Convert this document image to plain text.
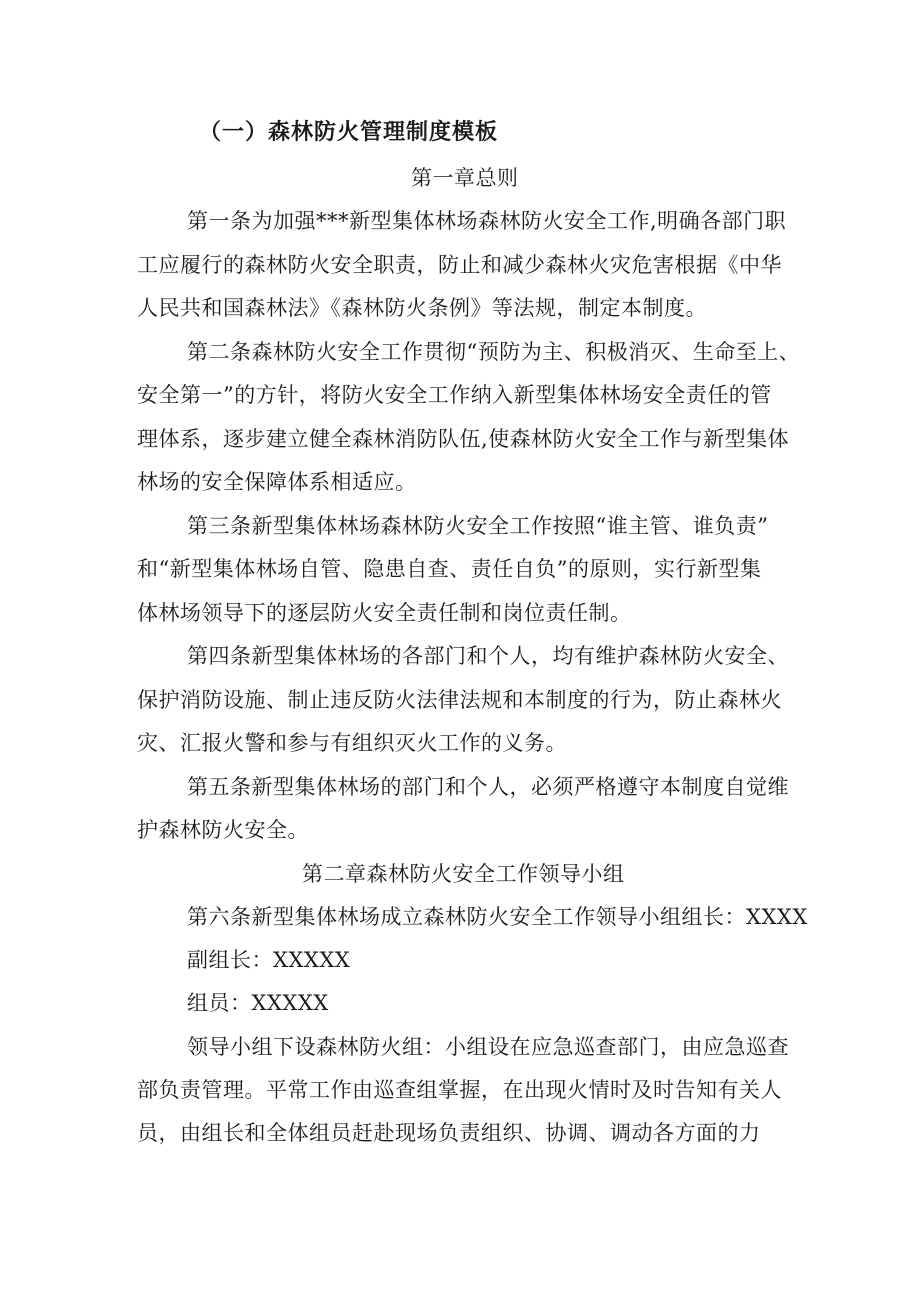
（一）森林防火管理制度模板
第一章总则
第一条为加强***新型集体林场森林防火安全工作,明确各部门职
工应履行的森林防火安全职责，防止和减少森林火灾危害根据《中华
人民共和国森林法》《森林防火条例》等法规，制定本制度。
第二条森林防火安全工作贯彻“预防为主、积极消灭、生命至上、
安全第一”的方针，将防火安全工作纳入新型集体林场安全责任的管
理体系，逐步建立健全森林消防队伍,使森林防火安全工作与新型集体
林场的安全保障体系相适应。
第三条新型集体林场森林防火安全工作按照“谁主管、谁负责”
和“新型集体林场自管、隐患自查、责任自负”的原则，实行新型集
体林场领导下的逐层防火安全责任制和岗位责任制。
第四条新型集体林场的各部门和个人，均有维护森林防火安全、
保护消防设施、制止违反防火法律法规和本制度的行为，防止森林火
灾、汇报火警和参与有组织灭火工作的义务。
第五条新型集体林场的部门和个人，必须严格遵守本制度自觉维
护森林防火安全。
第二章森林防火安全工作领导小组
第六条新型集体林场成立森林防火安全工作领导小组组长：XXXX
副组长：XXXXX
组员：XXXXX
领导小组下设森林防火组：小组设在应急巡查部门，由应急巡查
部负责管理。平常工作由巡查组掌握，在出现火情时及时告知有关人
员，由组长和全体组员赶赴现场负责组织、协调、调动各方面的力
